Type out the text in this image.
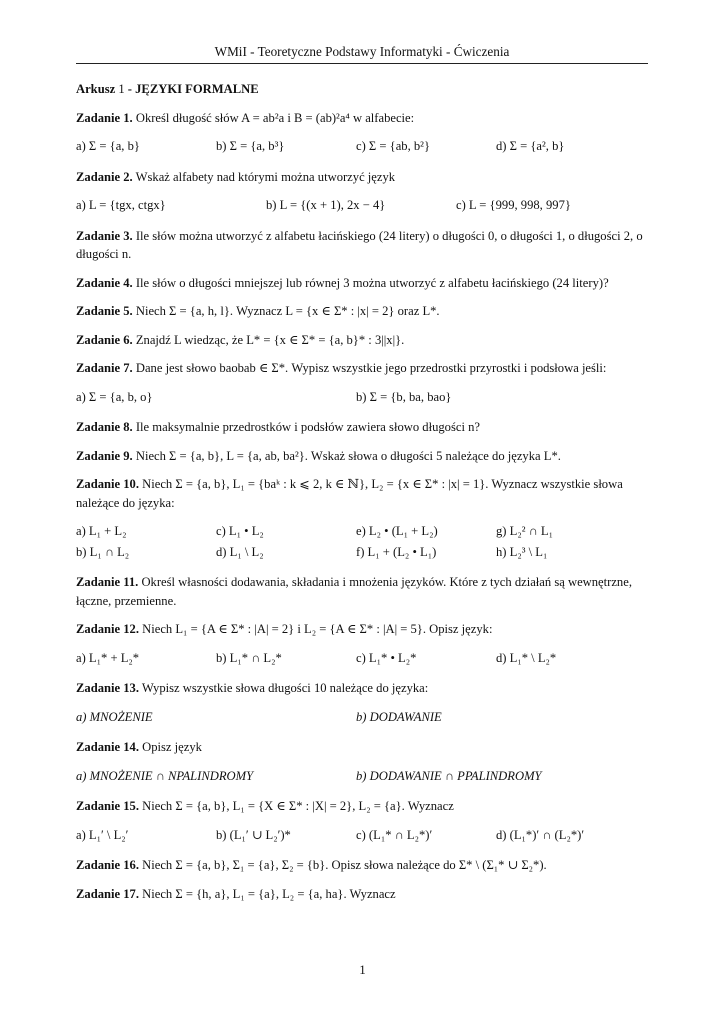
WMiI - Teoretyczne Podstawy Informatyki - Ćwiczenia
Arkusz 1 - JĘZYKI FORMALNE
Zadanie 1. Określ długość słów A = ab²a i B = (ab)²a⁴ w alfabecie:
a) Σ = {a, b}	b) Σ = {a, b³}	c) Σ = {ab, b²}	d) Σ = {a², b}
Zadanie 2. Wskaż alfabety nad którymi można utworzyć język
a) L = {tgx, ctgx}	b) L = {(x + 1), 2x − 4}	c) L = {999, 998, 997}
Zadanie 3. Ile słów można utworzyć z alfabetu łacińskiego (24 litery) o długości 0, o długości 1, o długości 2, o długości n.
Zadanie 4. Ile słów o długości mniejszej lub równej 3 można utworzyć z alfabetu łacińskiego (24 litery)?
Zadanie 5. Niech Σ = {a, h, l}. Wyznacz L = {x ∈ Σ* : |x| = 2} oraz L*.
Zadanie 6. Znajdź L wiedząc, że L* = {x ∈ Σ* = {a, b}* : 3||x|}.
Zadanie 7. Dane jest słowo baobab ∈ Σ*. Wypisz wszystkie jego przedrostki przyrostki i podsłowa jeśli:
a) Σ = {a, b, o}	b) Σ = {b, ba, bao}
Zadanie 8. Ile maksymalnie przedrostków i podsłów zawiera słowo długości n?
Zadanie 9. Niech Σ = {a, b}, L = {a, ab, ba²}. Wskaż słowa o długości 5 należące do języka L*.
Zadanie 10. Niech Σ = {a, b}, L₁ = {baᵏ : k ⩽ 2, k ∈ ℕ}, L₂ = {x ∈ Σ* : |x| = 1}. Wyznacz wszystkie słowa należące do języka:
a) L₁ + L₂	c) L₁ • L₂	e) L₂ • (L₁ + L₂)	g) L₂² ∩ L₁
b) L₁ ∩ L₂	d) L₁ \ L₂	f) L₁ + (L₂ • L₁)	h) L₂³ \ L₁
Zadanie 11. Określ własności dodawania, składania i mnożenia języków. Które z tych działań są wewnętrzne, łączne, przemienne.
Zadanie 12. Niech L₁ = {A ∈ Σ* : |A| = 2} i L₂ = {A ∈ Σ* : |A| = 5}. Opisz język:
a) L₁* + L₂*	b) L₁* ∩ L₂*	c) L₁* • L₂*	d) L₁* \ L₂*
Zadanie 13. Wypisz wszystkie słowa długości 10 należące do języka:
a) MNOŻENIE	b) DODAWANIE
Zadanie 14. Opisz język
a) MNOŻENIE ∩ NPALINDROMY	b) DODAWANIE ∩ PPALINDROMY
Zadanie 15. Niech Σ = {a, b}, L₁ = {X ∈ Σ* : |X| = 2}, L₂ = {a}. Wyznacz
a) L₁′ \ L₂′	b) (L₁′ ∪ L₂′)*	c) (L₁* ∩ L₂*)′	d) (L₁*)′ ∩ (L₂*)′
Zadanie 16. Niech Σ = {a, b}, Σ₁ = {a}, Σ₂ = {b}. Opisz słowa należące do Σ* \ (Σ₁* ∪ Σ₂*).
Zadanie 17. Niech Σ = {h, a}, L₁ = {a}, L₂ = {a, ha}. Wyznacz
1
